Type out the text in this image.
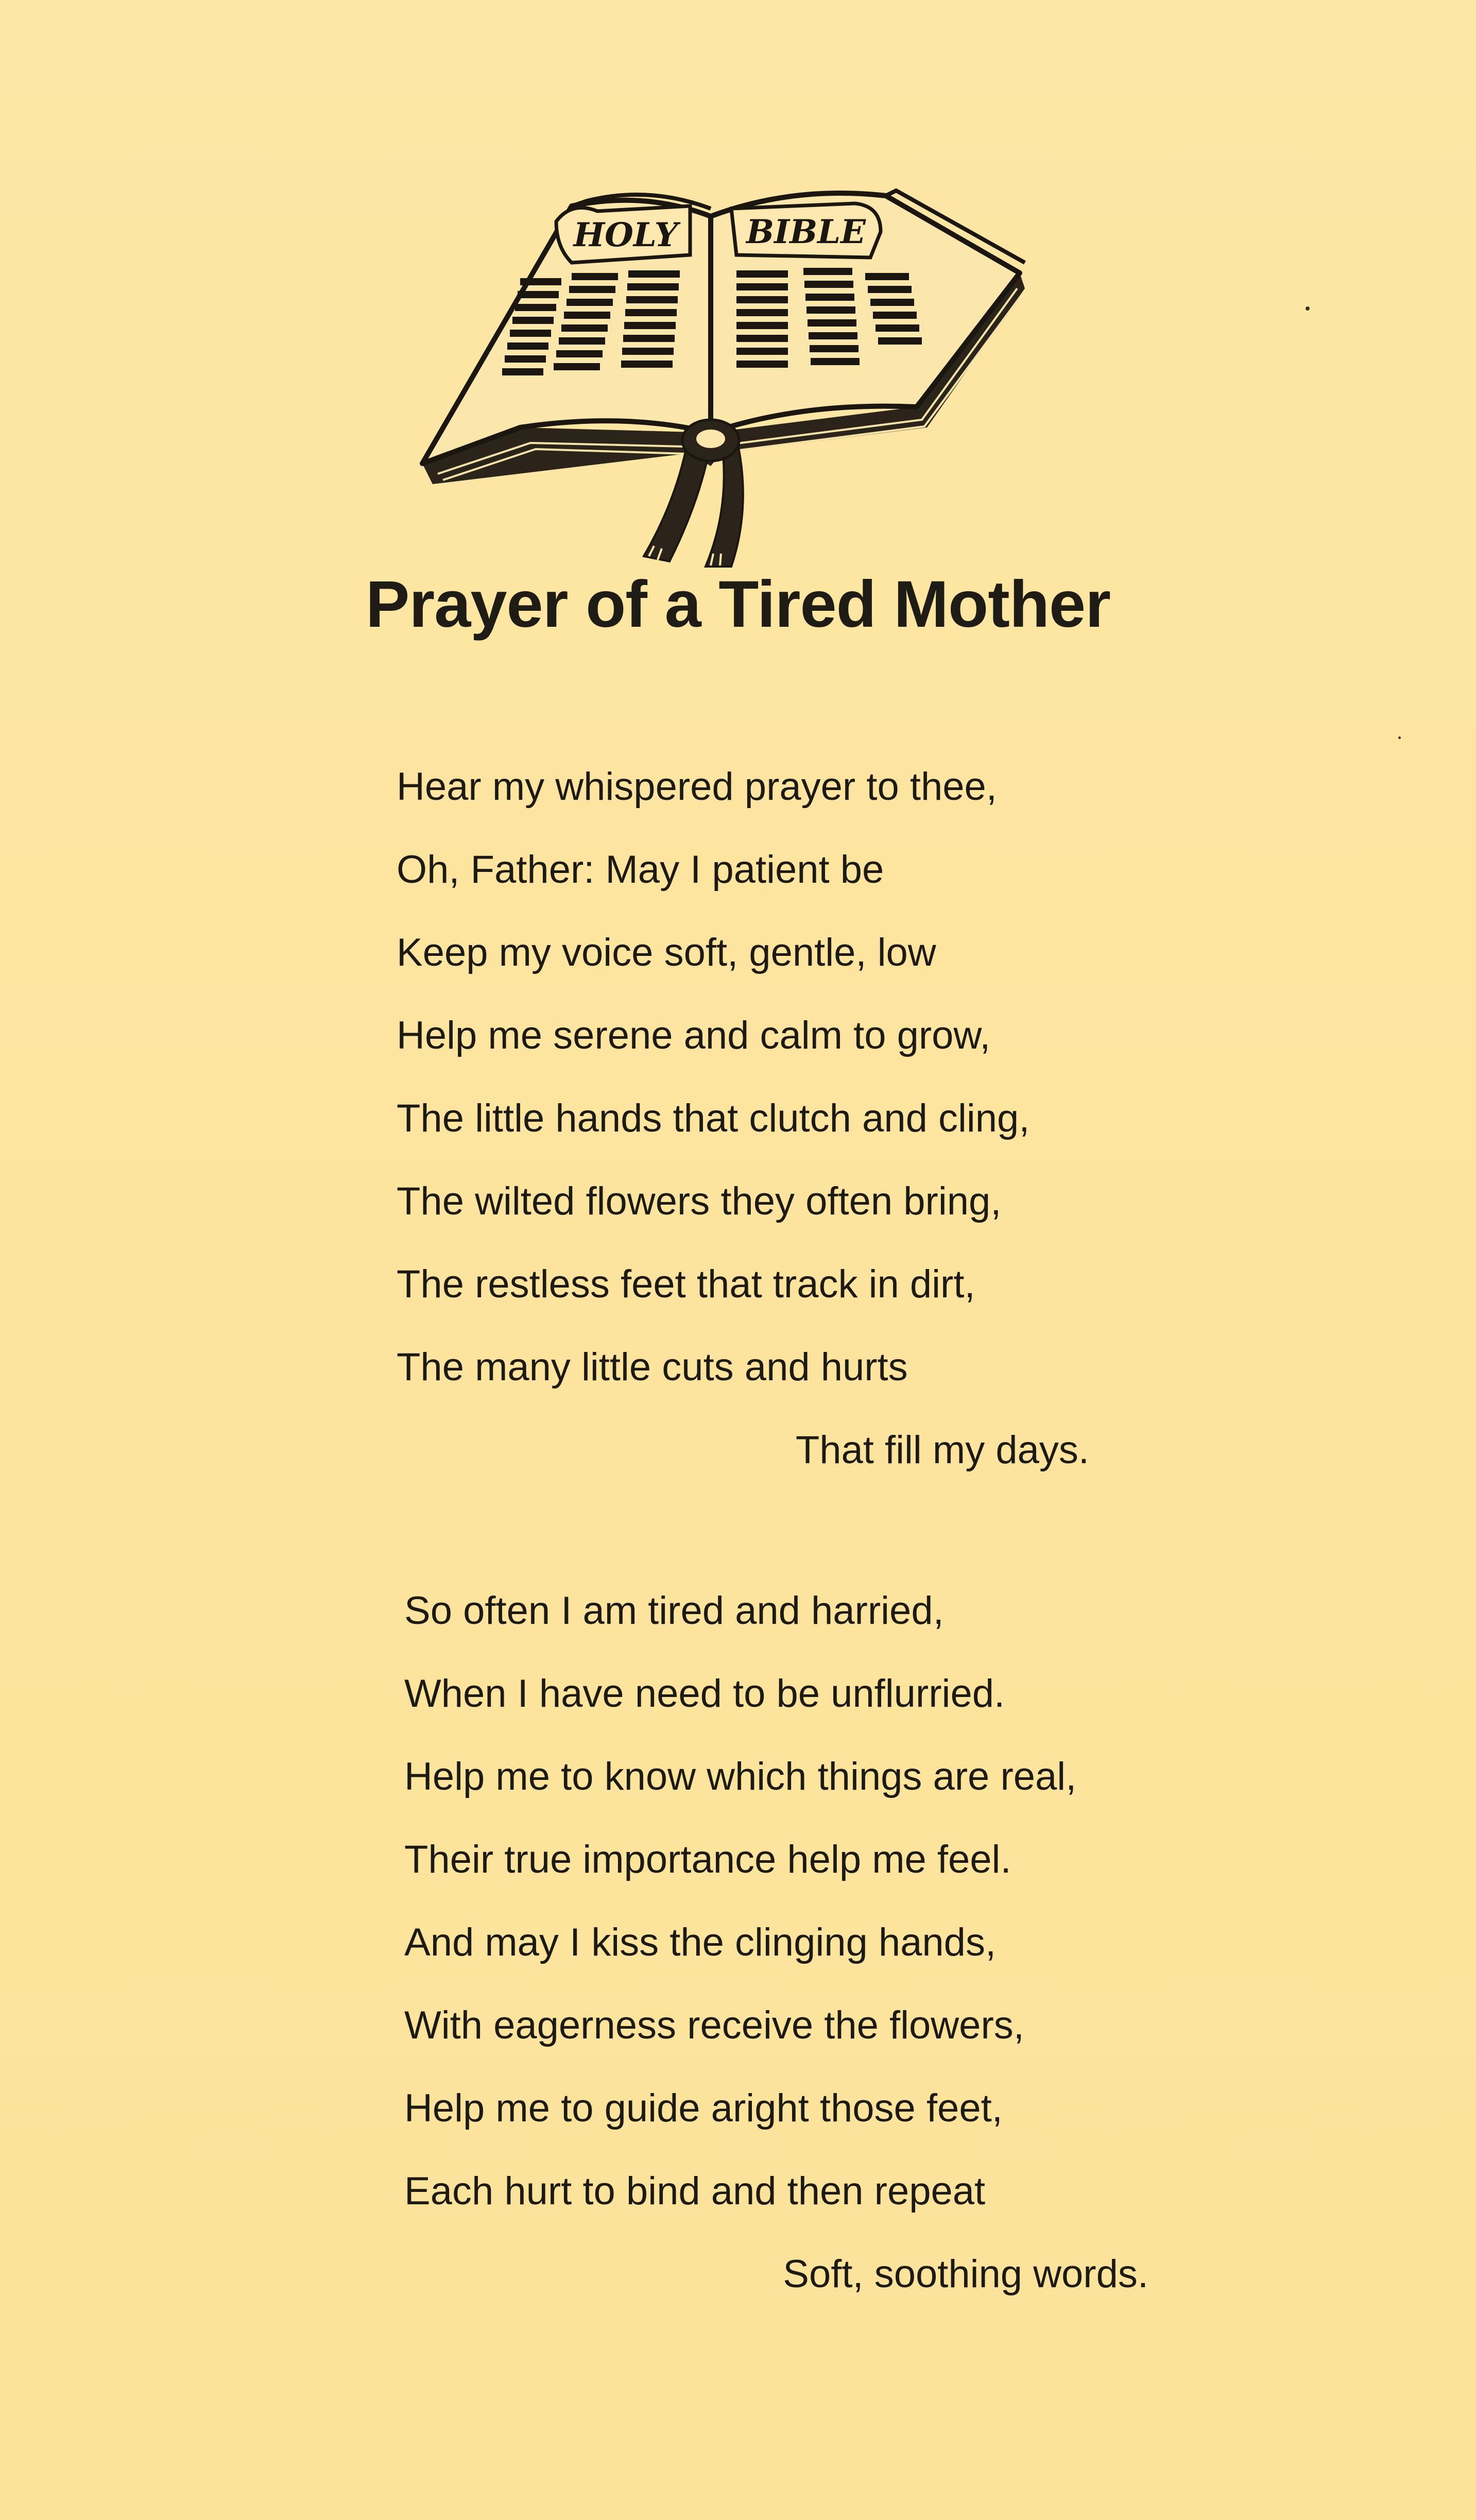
HOLY BIBLE
Prayer of a Tired Mother
Hear my whispered prayer to thee,
Oh, Father: May I patient be
Keep my voice soft, gentle, low
Help me serene and calm to grow,
The little hands that clutch and cling,
The wilted flowers they often bring,
The restless feet that track in dirt,
The many little cuts and hurts
That fill my days.
So often I am tired and harried,
When I have need to be unflurried.
Help me to know which things are real,
Their true importance help me feel.
And may I kiss the clinging hands,
With eagerness receive the flowers,
Help me to guide aright those feet,
Each hurt to bind and then repeat
Soft, soothing words.
